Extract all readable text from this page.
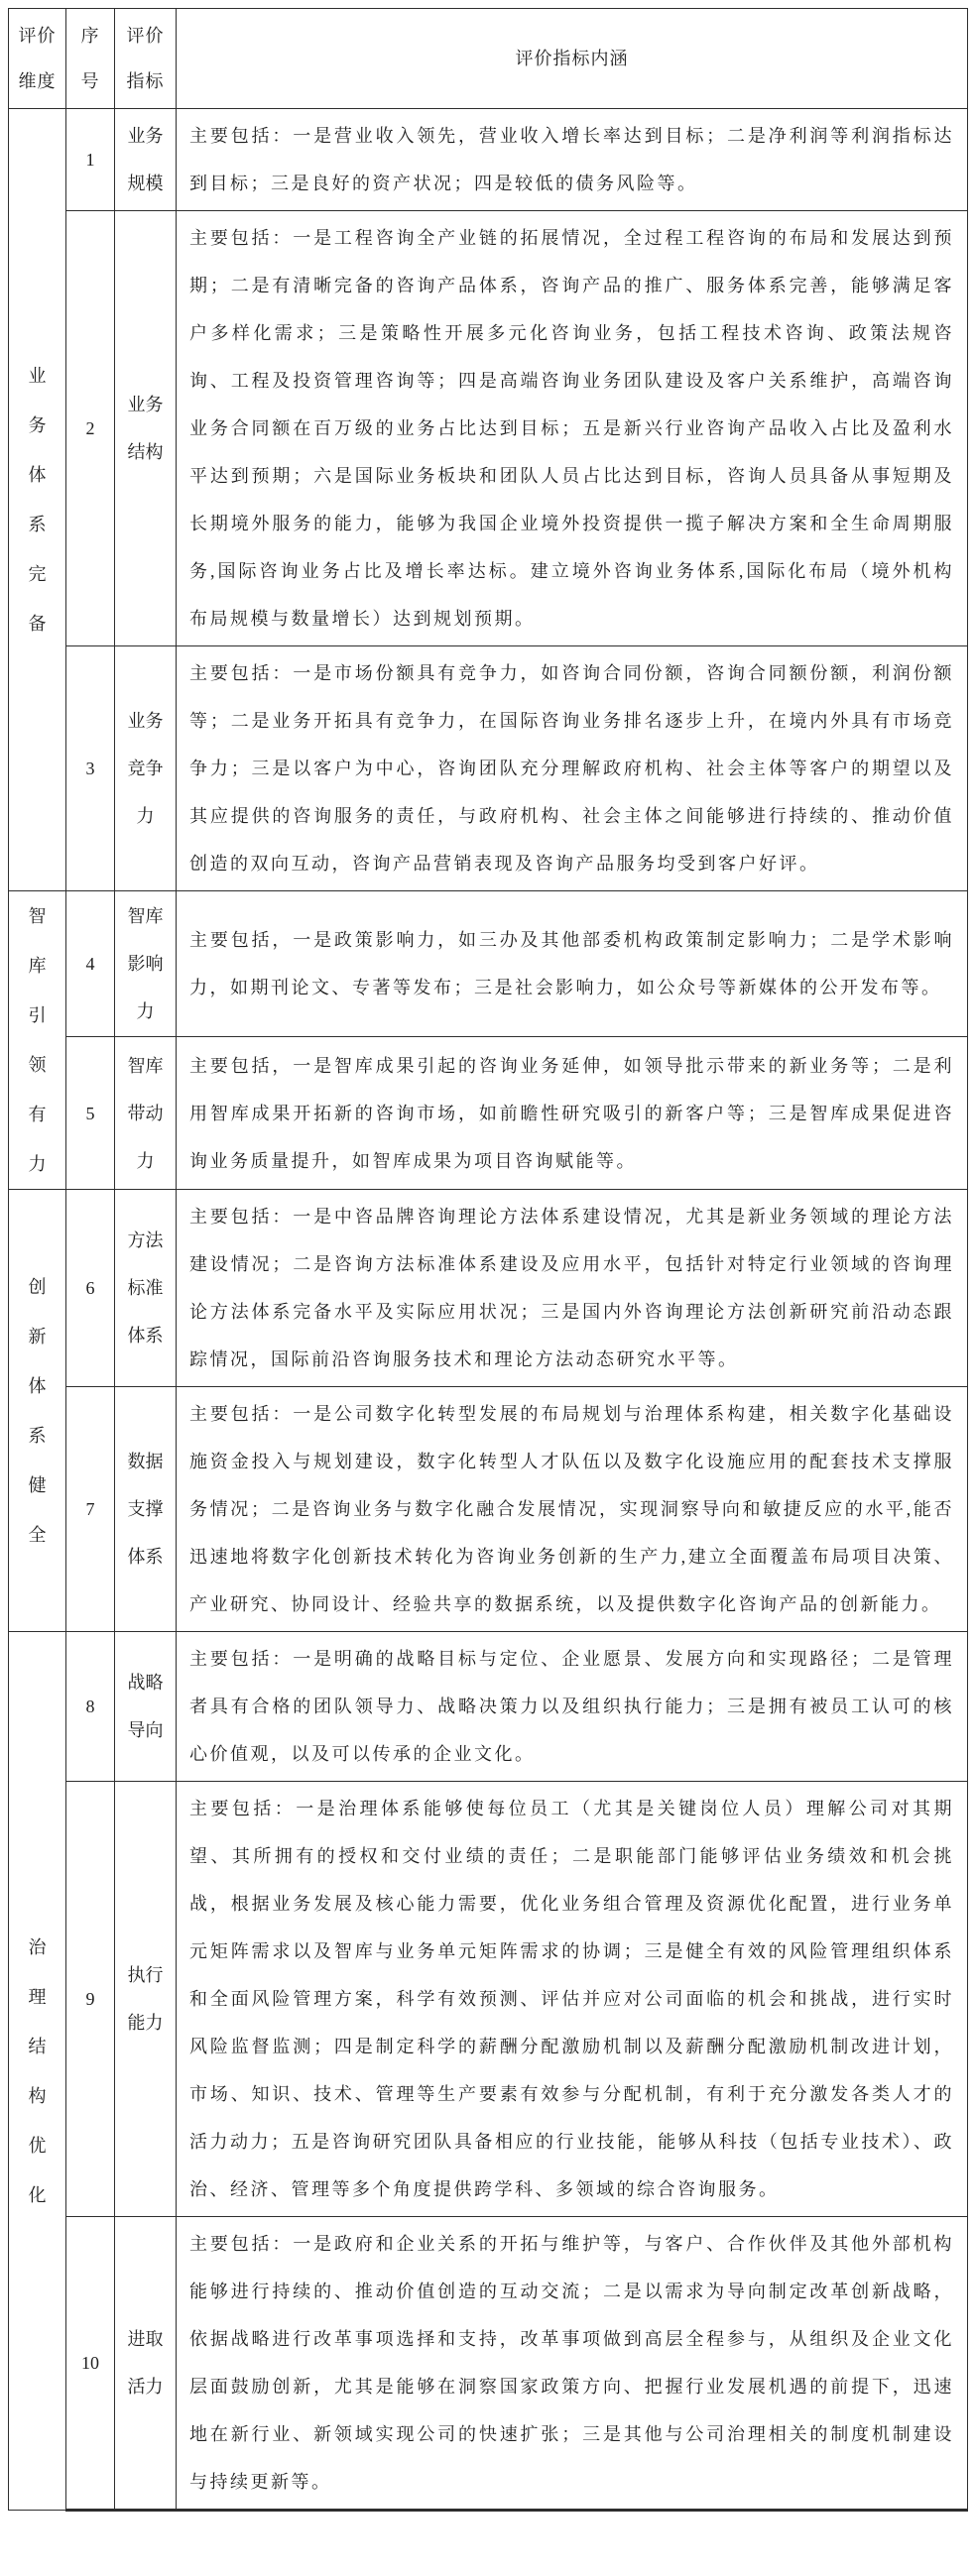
评价维度	序号	评价指标	评价指标内涵
业务体系完备	1	业务规模	主要包括：一是营业收入领先，营业收入增长率达到目标；二是净利润等利润指标达到目标；三是良好的资产状况；四是较低的债务风险等。
	2	业务结构	主要包括：一是工程咨询全产业链的拓展情况，全过程工程咨询的布局和发展达到预期；二是有清晰完备的咨询产品体系，咨询产品的推广、服务体系完善，能够满足客户多样化需求；三是策略性开展多元化咨询业务，包括工程技术咨询、政策法规咨询、工程及投资管理咨询等；四是高端咨询业务团队建设及客户关系维护，高端咨询业务合同额在百万级的业务占比达到目标；五是新兴行业咨询产品收入占比及盈利水平达到预期；六是国际业务板块和团队人员占比达到目标，咨询人员具备从事短期及长期境外服务的能力，能够为我国企业境外投资提供一揽子解决方案和全生命周期服务,国际咨询业务占比及增长率达标。建立境外咨询业务体系,国际化布局（境外机构布局规模与数量增长）达到规划预期。
	3	业务竞争力	主要包括：一是市场份额具有竞争力，如咨询合同份额，咨询合同额份额，利润份额等；二是业务开拓具有竞争力，在国际咨询业务排名逐步上升，在境内外具有市场竞争力；三是以客户为中心，咨询团队充分理解政府机构、社会主体等客户的期望以及其应提供的咨询服务的责任，与政府机构、社会主体之间能够进行持续的、推动价值创造的双向互动，咨询产品营销表现及咨询产品服务均受到客户好评。
智库引领有力	4	智库影响力	主要包括，一是政策影响力，如三办及其他部委机构政策制定影响力；二是学术影响力，如期刊论文、专著等发布；三是社会影响力，如公众号等新媒体的公开发布等。
	5	智库带动力	主要包括，一是智库成果引起的咨询业务延伸，如领导批示带来的新业务等；二是利用智库成果开拓新的咨询市场，如前瞻性研究吸引的新客户等；三是智库成果促进咨询业务质量提升，如智库成果为项目咨询赋能等。
创新体系健全	6	方法标准体系	主要包括：一是中咨品牌咨询理论方法体系建设情况，尤其是新业务领域的理论方法建设情况；二是咨询方法标准体系建设及应用水平，包括针对特定行业领域的咨询理论方法体系完备水平及实际应用状况；三是国内外咨询理论方法创新研究前沿动态跟踪情况，国际前沿咨询服务技术和理论方法动态研究水平等。
	7	数据支撑体系	主要包括：一是公司数字化转型发展的布局规划与治理体系构建，相关数字化基础设施资金投入与规划建设，数字化转型人才队伍以及数字化设施应用的配套技术支撑服务情况；二是咨询业务与数字化融合发展情况，实现洞察导向和敏捷反应的水平,能否迅速地将数字化创新技术转化为咨询业务创新的生产力,建立全面覆盖布局项目决策、产业研究、协同设计、经验共享的数据系统，以及提供数字化咨询产品的创新能力。
治理结构优化	8	战略导向	主要包括：一是明确的战略目标与定位、企业愿景、发展方向和实现路径；二是管理者具有合格的团队领导力、战略决策力以及组织执行能力；三是拥有被员工认可的核心价值观，以及可以传承的企业文化。
	9	执行能力	主要包括：一是治理体系能够使每位员工（尤其是关键岗位人员）理解公司对其期望、其所拥有的授权和交付业绩的责任；二是职能部门能够评估业务绩效和机会挑战，根据业务发展及核心能力需要，优化业务组合管理及资源优化配置，进行业务单元矩阵需求以及智库与业务单元矩阵需求的协调；三是健全有效的风险管理组织体系和全面风险管理方案，科学有效预测、评估并应对公司面临的机会和挑战，进行实时风险监督监测；四是制定科学的薪酬分配激励机制以及薪酬分配激励机制改进计划，市场、知识、技术、管理等生产要素有效参与分配机制，有利于充分激发各类人才的活力动力；五是咨询研究团队具备相应的行业技能，能够从科技（包括专业技术）、政治、经济、管理等多个角度提供跨学科、多领域的综合咨询服务。
	10	进取活力	主要包括：一是政府和企业关系的开拓与维护等，与客户、合作伙伴及其他外部机构能够进行持续的、推动价值创造的互动交流；二是以需求为导向制定改革创新战略，依据战略进行改革事项选择和支持，改革事项做到高层全程参与，从组织及企业文化层面鼓励创新，尤其是能够在洞察国家政策方向、把握行业发展机遇的前提下，迅速地在新行业、新领域实现公司的快速扩张；三是其他与公司治理相关的制度机制建设与持续更新等。
